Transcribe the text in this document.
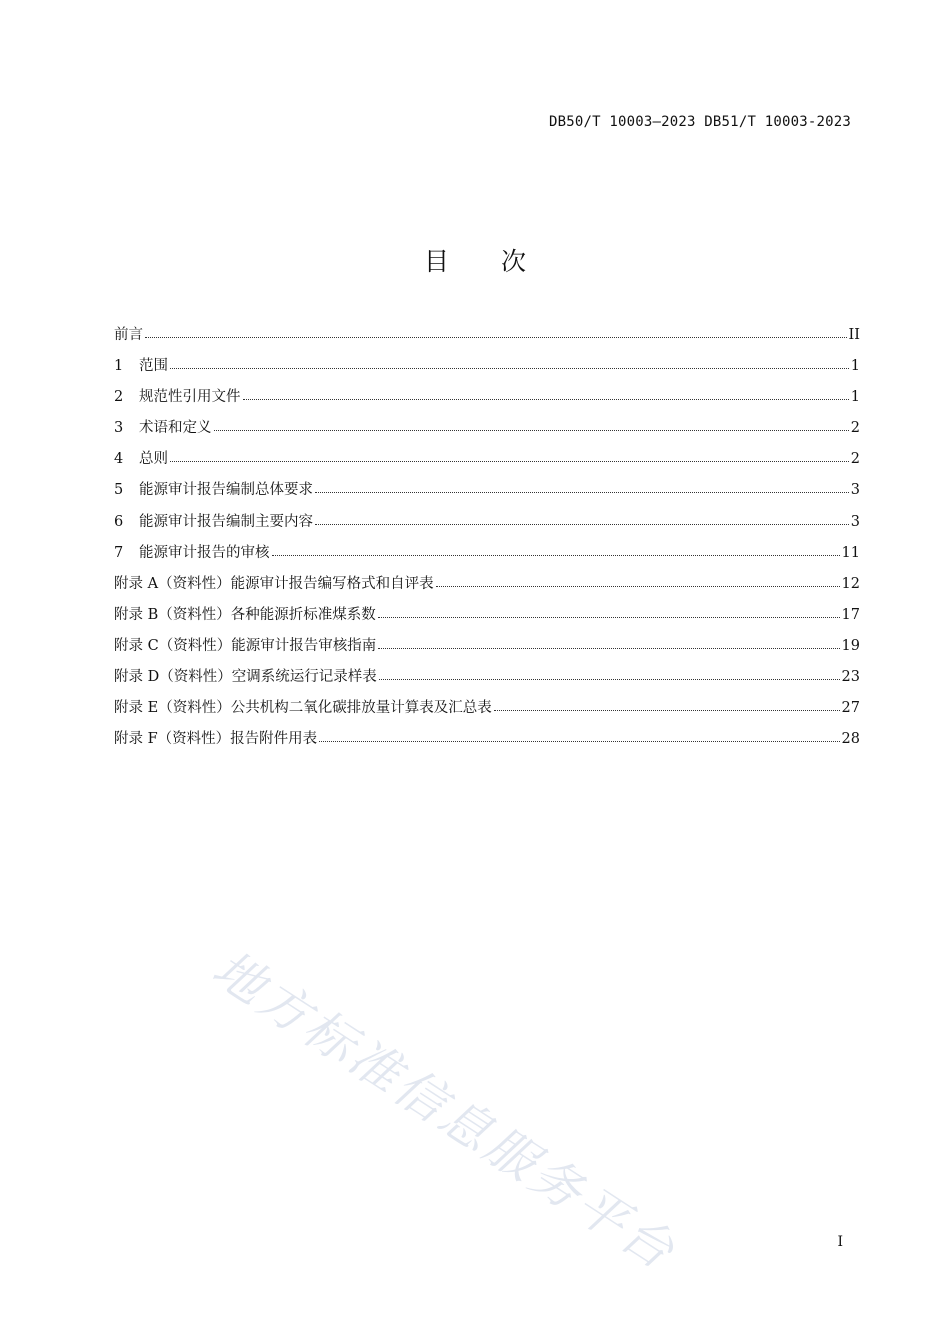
DB50/T 10003—2023 DB51/T 10003-2023
目 次
前言	II
1	范围	1
2	规范性引用文件	1
3	术语和定义	2
4	总则	2
5	能源审计报告编制总体要求	3
6	能源审计报告编制主要内容	3
7	能源审计报告的审核	11
附录 A（资料性）能源审计报告编写格式和自评表	12
附录 B（资料性）各种能源折标准煤系数	17
附录 C（资料性）能源审计报告审核指南	19
附录 D（资料性）空调系统运行记录样表	23
附录 E（资料性）公共机构二氧化碳排放量计算表及汇总表	27
附录 F（资料性）报告附件用表	28
地方标准信息服务平台	I
